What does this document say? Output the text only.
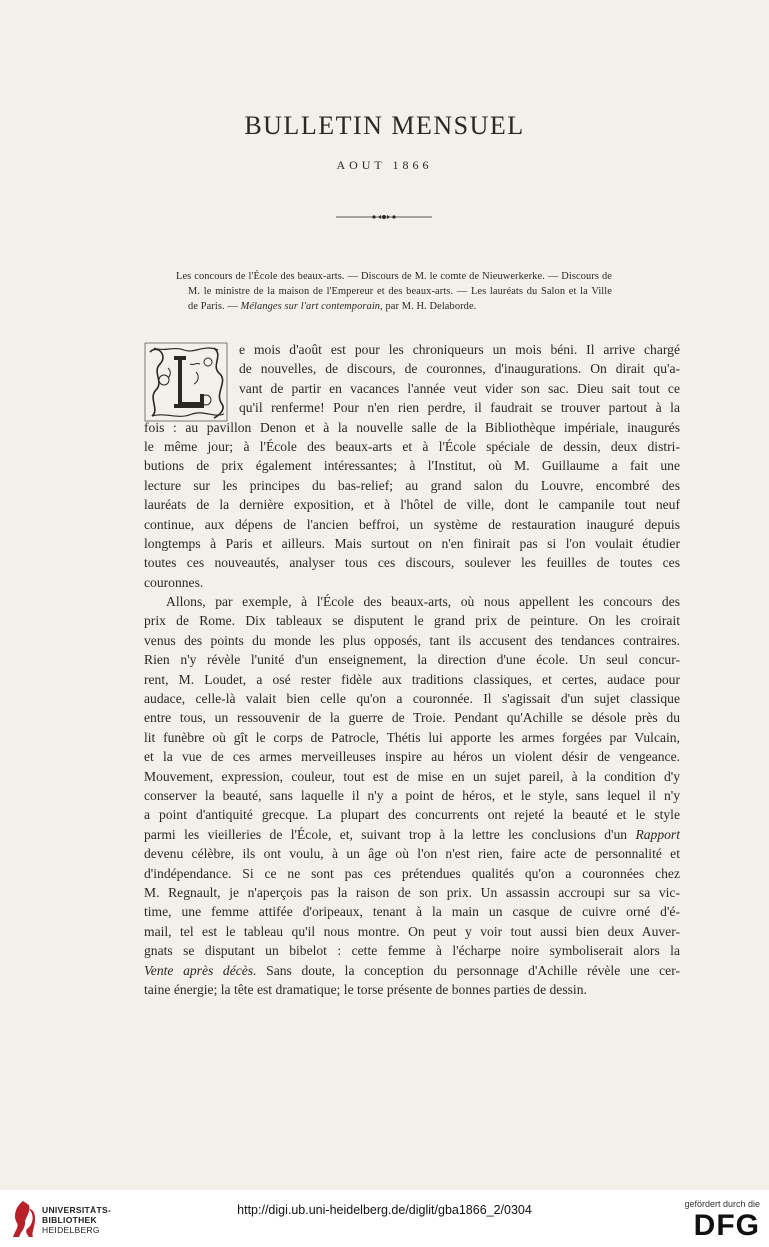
BULLETIN MENSUEL
AOUT 1866
Les concours de l'École des beaux-arts. — Discours de M. le comte de Nieuwerkerke. — Discours de
M. le ministre de la maison de l'Empereur et des beaux-arts. — Les lauréats du Salon et la Ville
de Paris. — Mélanges sur l'art contemporain, par M. H. Delaborde.
e mois d'août est pour les chroniqueurs un mois béni. Il arrive chargé
de nouvelles, de discours, de couronnes, d'inaugurations. On dirait qu'a-
vant de partir en vacances l'année veut vider son sac. Dieu sait tout ce
qu'il renferme! Pour n'en rien perdre, il faudrait se trouver partout à la
fois : au pavillon Denon et à la nouvelle salle de la Bibliothèque impériale, inaugurés
le même jour; à l'École des beaux-arts et à l'École spéciale de dessin, deux distri-
butions de prix également intéressantes; à l'Institut, où M. Guillaume a fait une
lecture sur les principes du bas-relief; au grand salon du Louvre, encombré des
lauréats de la dernière exposition, et à l'hôtel de ville, dont le campanile tout neuf
continue, aux dépens de l'ancien beffroi, un système de restauration inauguré depuis
longtemps à Paris et ailleurs. Mais surtout on n'en finirait pas si l'on voulait étudier
toutes ces nouveautés, analyser tous ces discours, soulever les feuilles de toutes ces
couronnes.
Allons, par exemple, à l'École des beaux-arts, où nous appellent les concours des
prix de Rome. Dix tableaux se disputent le grand prix de peinture. On les croirait
venus des points du monde les plus opposés, tant ils accusent des tendances contraires.
Rien n'y révèle l'unité d'un enseignement, la direction d'une école. Un seul concur-
rent, M. Loudet, a osé rester fidèle aux traditions classiques, et certes, audace pour
audace, celle-là valait bien celle qu'on a couronnée. Il s'agissait d'un sujet classique
entre tous, un ressouvenir de la guerre de Troie. Pendant qu'Achille se désole près du
lit funèbre où gît le corps de Patrocle, Thétis lui apporte les armes forgées par Vulcain,
et la vue de ces armes merveilleuses inspire au héros un violent désir de vengeance.
Mouvement, expression, couleur, tout est de mise en un sujet pareil, à la condition d'y
conserver la beauté, sans laquelle il n'y a point de héros, et le style, sans lequel il n'y
a point d'antiquité grecque. La plupart des concurrents ont rejeté la beauté et le style
parmi les vieilleries de l'École, et, suivant trop à la lettre les conclusions d'un Rapport
devenu célèbre, ils ont voulu, à un âge où l'on n'est rien, faire acte de personnalité et
d'indépendance. Si ce ne sont pas ces prétendues qualités qu'on a couronnées chez
M. Regnault, je n'aperçois pas la raison de son prix. Un assassin accroupi sur sa vic-
time, une femme attifée d'oripeaux, tenant à la main un casque de cuivre orné d'é-
mail, tel est le tableau qu'il nous montre. On peut y voir tout aussi bien deux Auver-
gnats se disputant un bibelot : cette femme à l'écharpe noire symboliserait alors la
Vente après décès. Sans doute, la conception du personnage d'Achille révèle une cer-
taine énergie; la tête est dramatique; le torse présente de bonnes parties de dessin.
UNIVERSITÄTS-
BIBLIOTHEK
HEIDELBERG
http://digi.ub.uni-heidelberg.de/diglit/gba1866_2/0304	gefördert durch die
DFG
